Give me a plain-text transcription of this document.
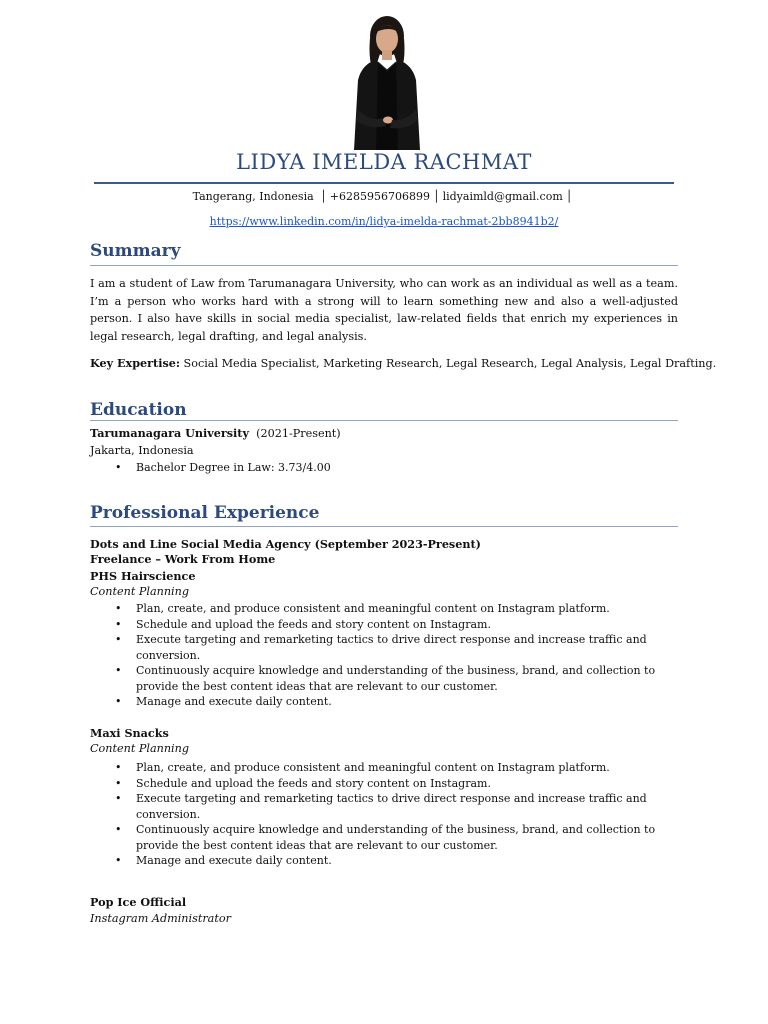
LIDYA IMELDA RACHMAT
Tangerang, Indonesia │ +6285956706899 │ lidyaimld@gmail.com │
https://www.linkedin.com/in/lidya-imelda-rachmat-2bb8941b2/
Summary
I am a student of Law from Tarumanagara University, who can work as an individual as well as a team. I’m a person who works hard with a strong will to learn something new and also a well-adjusted person. I also have skills in social media specialist, law-related fields that enrich my experiences in legal research, legal drafting, and legal analysis.
Key Expertise: Social Media Specialist, Marketing Research, Legal Research, Legal Analysis, Legal Drafting.
Education
Tarumanagara University (2021-Present)
Jakarta, Indonesia
• Bachelor Degree in Law: 3.73/4.00
Professional Experience
Dots and Line Social Media Agency (September 2023-Present)
Freelance – Work From Home
PHS Hairscience
Content Planning
• Plan, create, and produce consistent and meaningful content on Instagram platform.
• Schedule and upload the feeds and story content on Instagram.
• Execute targeting and remarketing tactics to drive direct response and increase traffic and conversion.
• Continuously acquire knowledge and understanding of the business, brand, and collection to provide the best content ideas that are relevant to our customer.
• Manage and execute daily content.
Maxi Snacks
Content Planning
• Plan, create, and produce consistent and meaningful content on Instagram platform.
• Schedule and upload the feeds and story content on Instagram.
• Execute targeting and remarketing tactics to drive direct response and increase traffic and conversion.
• Continuously acquire knowledge and understanding of the business, brand, and collection to provide the best content ideas that are relevant to our customer.
• Manage and execute daily content.
Pop Ice Official
Instagram Administrator
